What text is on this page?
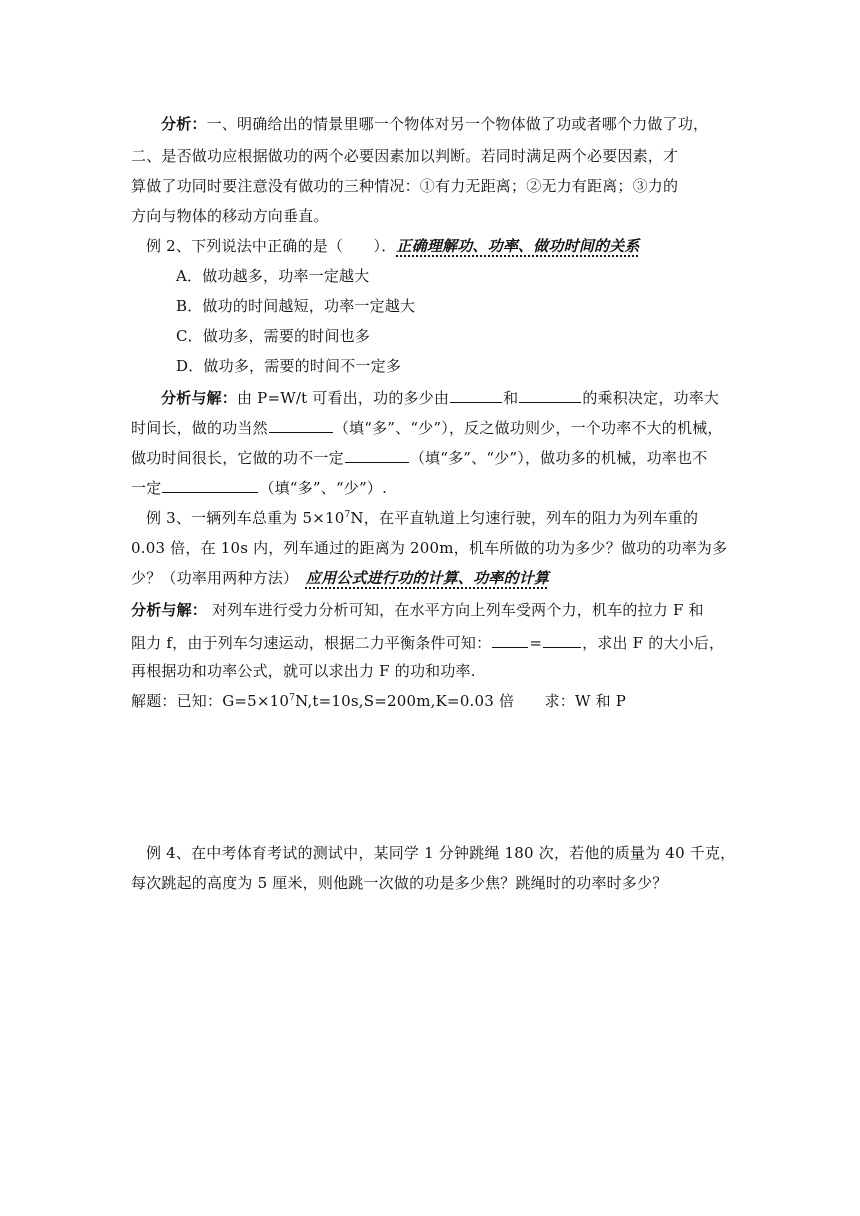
分析：一、明确给出的情景里哪一个物体对另一个物体做了功或者哪个力做了功，
二、是否做功应根据做功的两个必要因素加以判断。若同时满足两个必要因素，才
算做了功同时要注意没有做功的三种情况：①有力无距离；②无力有距离；③力的
方向与物体的移动方向垂直。
例 2、下列说法中正确的是（　　）．正确理解功、功率、做功时间的关系
A．做功越多，功率一定越大
B．做功的时间越短，功率一定越大
C．做功多，需要的时间也多
D．做功多，需要的时间不一定多
分析与解：由 P=W/t 可看出，功的多少由	和	的乘积决定，功率大
时间长，做的功当然	（填“多”、“少”），反之做功则少，一个功率不大的机械，
做功时间很长，它做的功不一定	（填“多”、“少”），做功多的机械，功率也不
一定	（填“多”、“少”）.
例 3、一辆列车总重为 $5\times 10^7N$，在平直轨道上匀速行驶，列车的阻力为列车重的
0.03 倍，在 10s 内，列车通过的距离为 200m，机车所做的功为多少？做功的功率为多
少？（功率用两种方法）　应用公式进行功的计算、功率的计算
分析与解： 对列车进行受力分析可知，在水平方向上列车受两个力，机车的拉力 F 和
阻力 f，由于列车匀速运动，根据二力平衡条件可知：	=	，求出 F 的大小后，
再根据功和功率公式，就可以求出力 F 的功和功率.
解题：已知：$G=5\times 10^7N,t=10s,S=200m,K=0.03$ 倍　　求：W 和 P
例 4、在中考体育考试的测试中，某同学 1 分钟跳绳 180 次，若他的质量为 40 千克，
每次跳起的高度为 5 厘米，则他跳一次做的功是多少焦？跳绳时的功率时多少？
